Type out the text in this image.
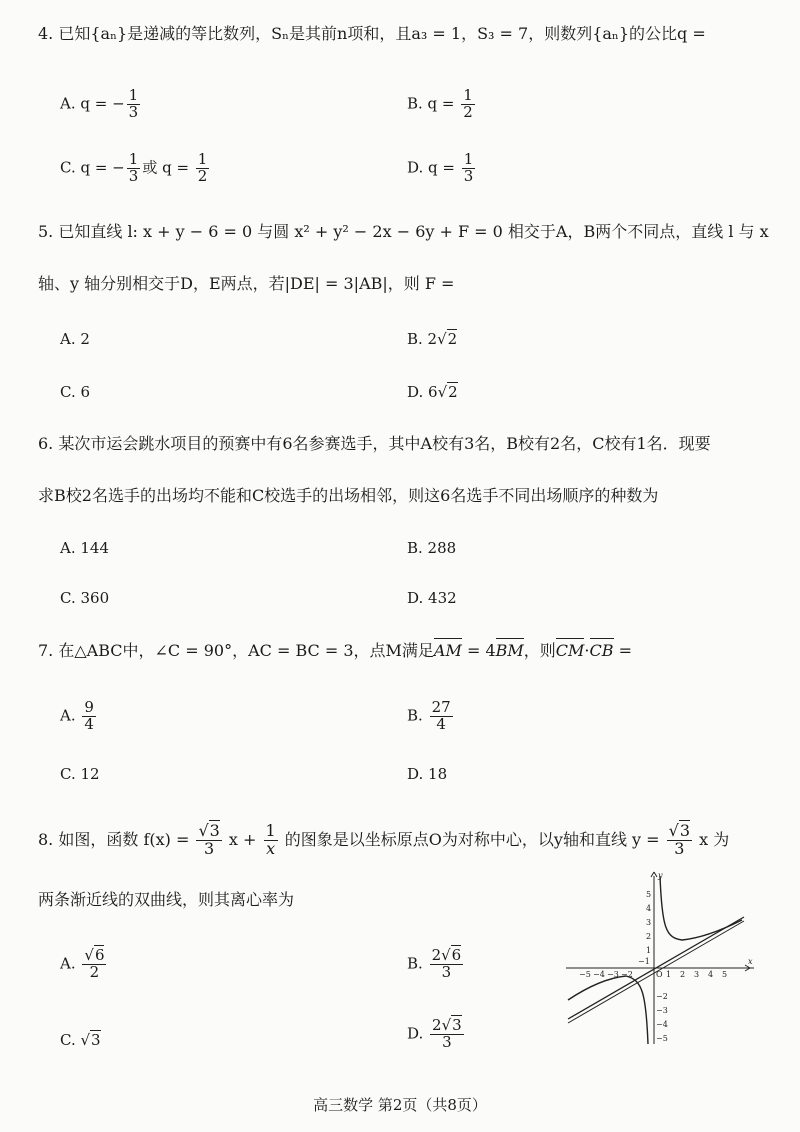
4. 已知{aₙ}是递减的等比数列，Sₙ是其前n项和，且a₃ = 1，S₃ = 7，则数列{aₙ}的公比q =
A. q = − $\frac{1}{3}$	B. $q = \frac{1}{2}$
C. q = − $\frac{1}{3}$ 或 $q = \frac{1}{2}$	D. $q = \frac{1}{3}$
5. 已知直线 l: x + y − 6 = 0 与圆 x² + y² − 2x − 6y + F = 0 相交于A，B两个不同点，直线 l 与 x
轴、y 轴分别相交于D，E两点，若|DE| = 3|AB|，则 F =
A. 2	B. 2√2
C. 6	D. 6√2
6. 某次市运会跳水项目的预赛中有6名参赛选手，其中A校有3名，B校有2名，C校有1名．现要
求B校2名选手的出场均不能和C校选手的出场相邻，则这6名选手不同出场顺序的种数为
A. 144	B. 288
C. 360	D. 432
7. 在△ABC中，∠C = 90°，AC = BC = 3，点M满足AM = 4BM，则CM·CB =
A. $\frac{9}{4}$	B. $\frac{27}{4}$
C. 12	D. 18
8. 如图，函数 $f(x) = \frac{√3}{3}$ $x + \frac{1}{x}$ 的图象是以坐标原点O为对称中心，以y轴和直线 $y = \frac{√3}{3}$ x 为
两条渐近线的双曲线，则其离心率为
A. $\frac{√6}{2}$	B. $\frac{2√6}{3}$
C. √3	D. $\frac{2√3}{3}$
x
y
O
−5 −4 −3 −2	1 2 3 4 5
5
4
3
2
1
−1
−2
−3
−4
−5
高三数学 第2页（共8页）
